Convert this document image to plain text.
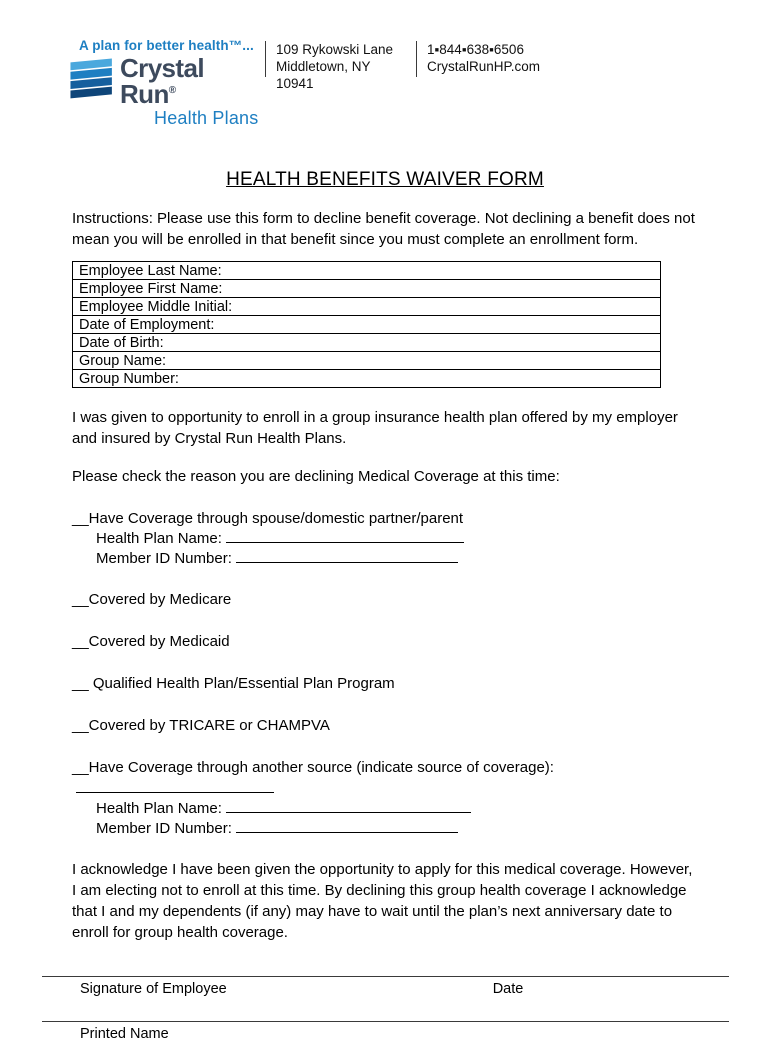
A plan for better health™...
Crystal Run®
Health Plans
109 Rykowski Lane
Middletown, NY 10941
1▪844▪638▪6506
CrystalRunHP.com
HEALTH BENEFITS WAIVER FORM
Instructions: Please use this form to decline benefit coverage. Not declining a benefit does not mean you will be enrolled in that benefit since you must complete an enrollment form.
Employee Last Name:
Employee First Name:
Employee Middle Initial:
Date of Employment:
Date of Birth:
Group Name:
Group Number:
I was given to opportunity to enroll in a group insurance health plan offered by my employer and insured by Crystal Run Health Plans.
Please check the reason you are declining Medical Coverage at this time:
__Have Coverage through spouse/domestic partner/parent
Health Plan Name:
Member ID Number:
__Covered by Medicare
__Covered by Medicaid
__ Qualified Health Plan/Essential Plan Program
__Covered by TRICARE or CHAMPVA
__Have Coverage through another source (indicate source of coverage):
Health Plan Name:
Member ID Number:
I acknowledge I have been given the opportunity to apply for this medical coverage. However, I am electing not to enroll at this time. By declining this group health coverage I acknowledge that I and my dependents (if any) may have to wait until the plan’s next anniversary date to enroll for group health coverage.
Signature of Employee	Date
Printed Name
